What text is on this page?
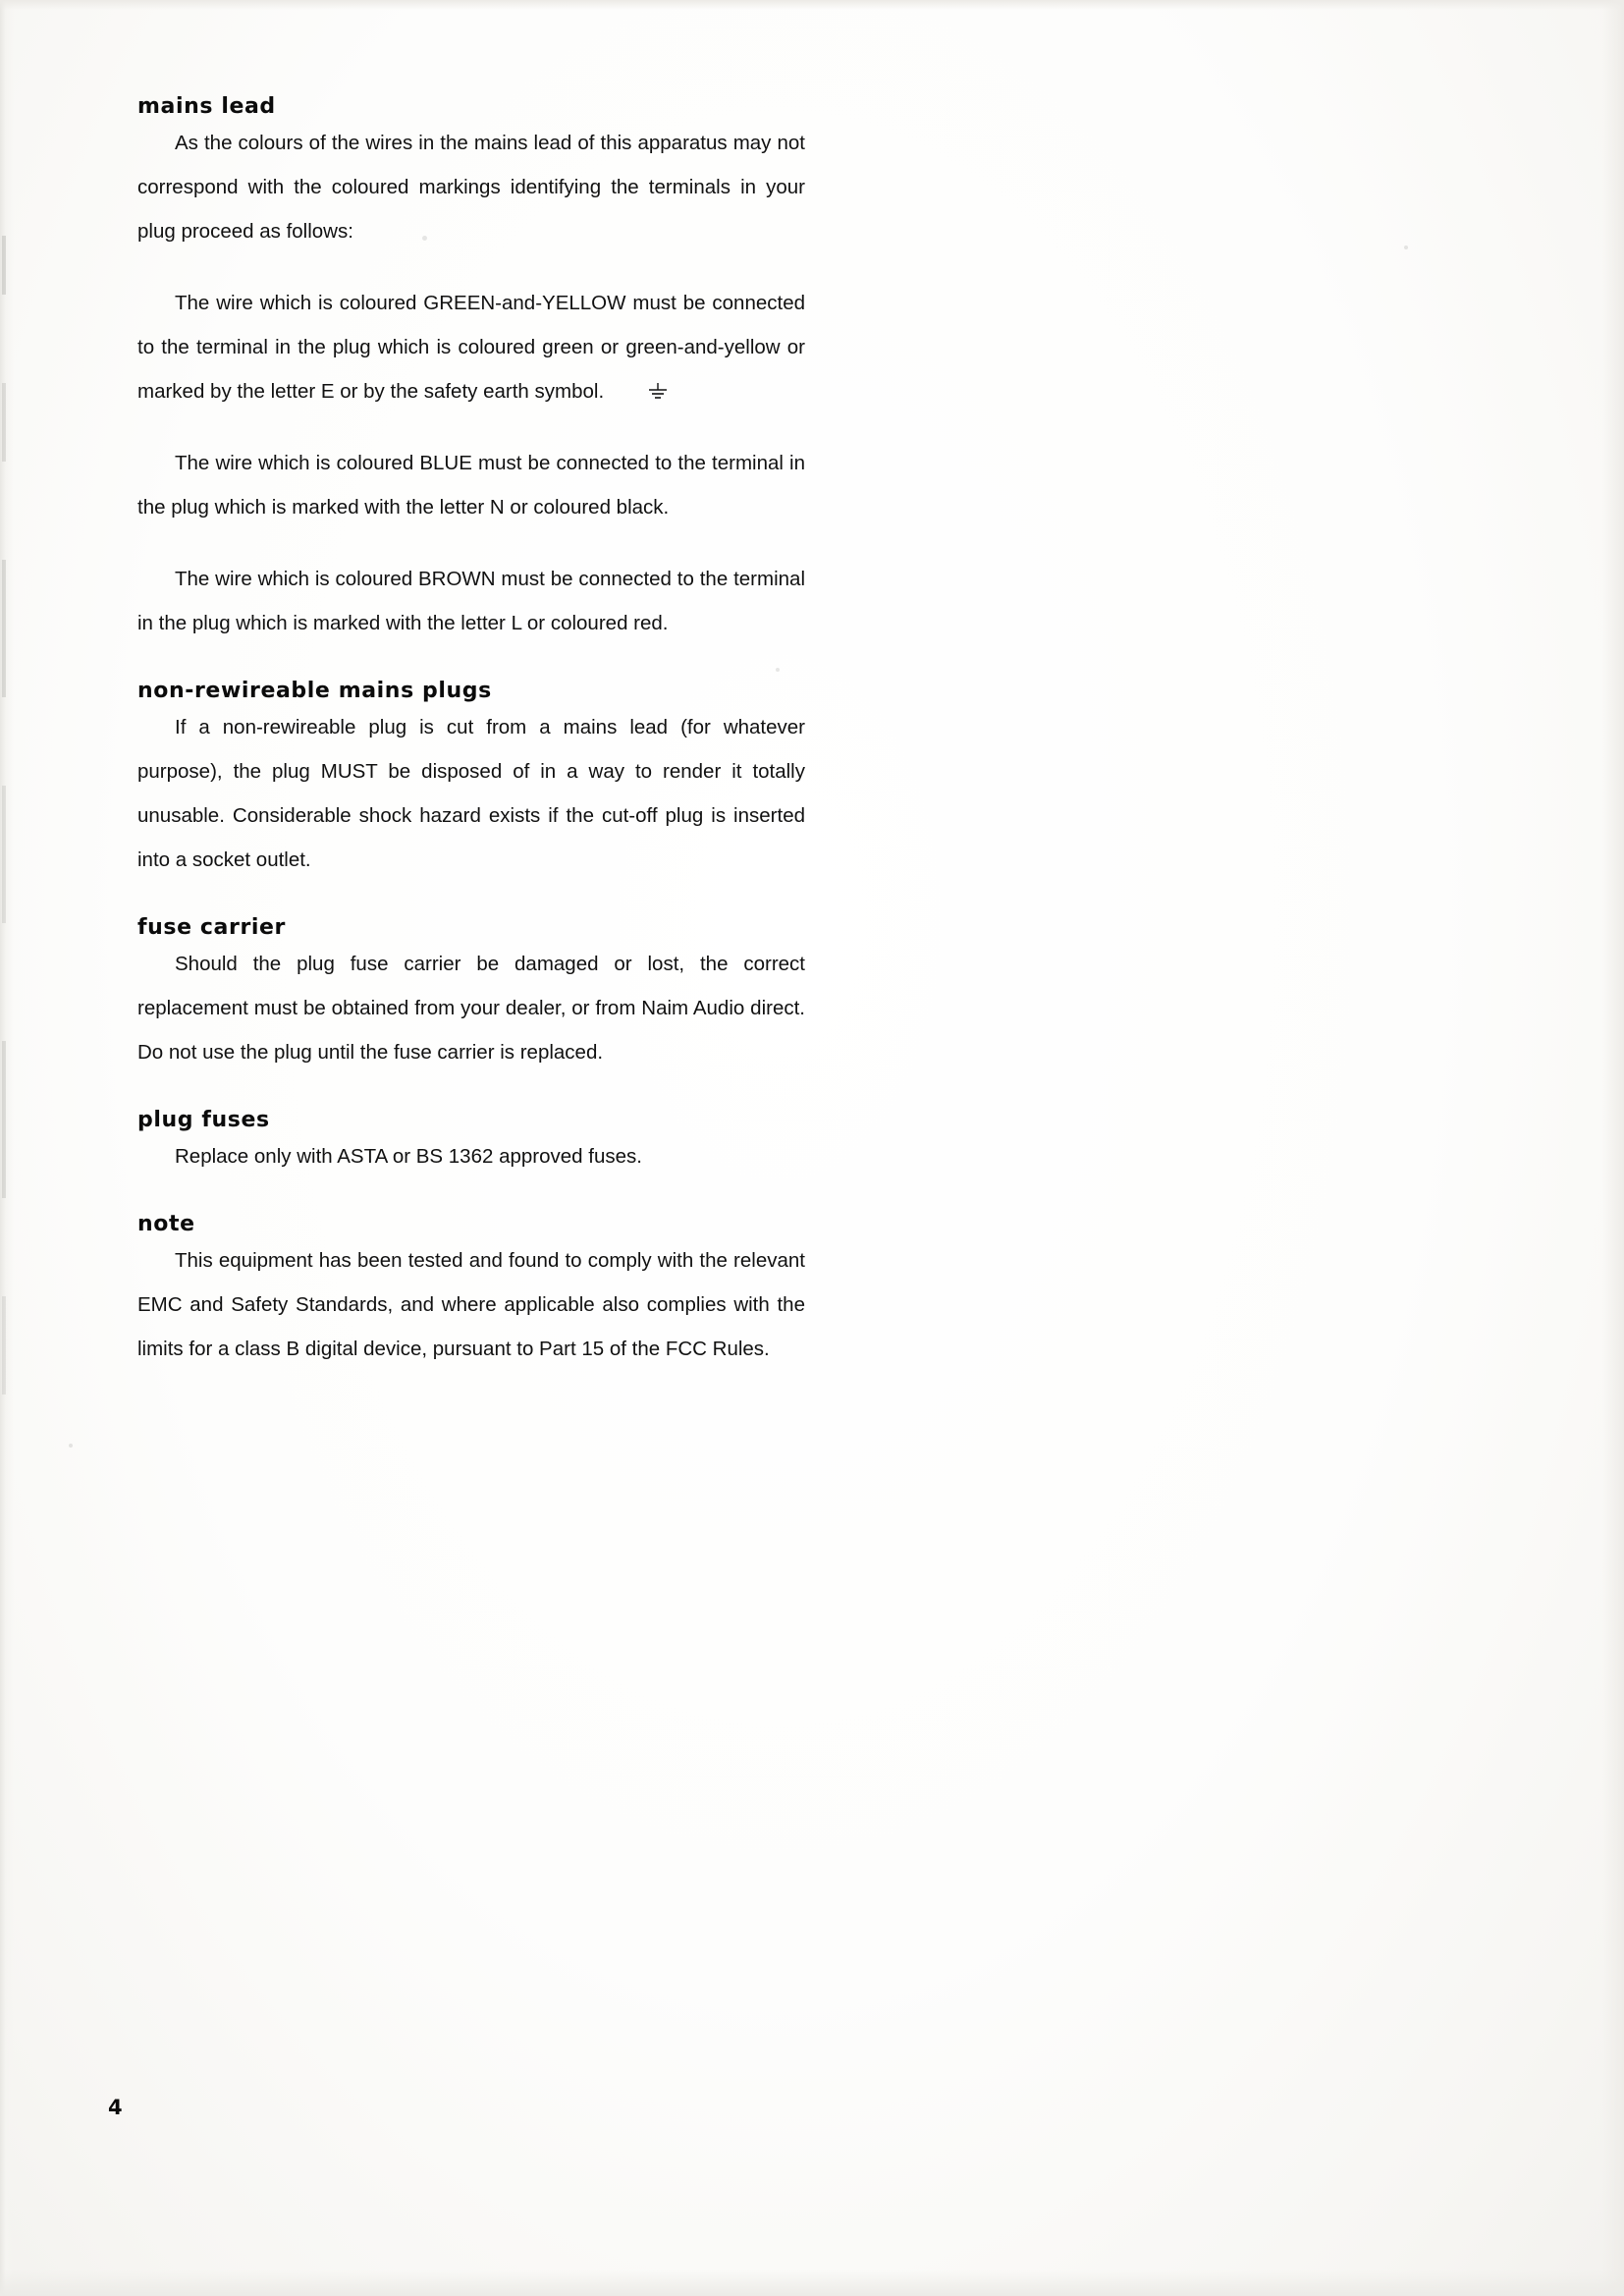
mains lead

As the colours of the wires in the mains lead of this apparatus may not correspond with the coloured markings identifying the terminals in your plug proceed as follows:

The wire which is coloured GREEN-and-YELLOW must be connected to the terminal in the plug which is coloured green or green-and-yellow or marked by the letter E or by the safety earth symbol.

The wire which is coloured BLUE must be connected to the terminal in the plug which is marked with the letter N or coloured black.

The wire which is coloured BROWN must be connected to the terminal in the plug which is marked with the letter L or coloured red.

non-rewireable mains plugs

If a non-rewireable plug is cut from a mains lead (for whatever purpose), the plug MUST be disposed of in a way to render it totally unusable. Considerable shock hazard exists if the cut-off plug is inserted into a socket outlet.

fuse carrier

Should the plug fuse carrier be damaged or lost, the correct replacement must be obtained from your dealer, or from Naim Audio direct. Do not use the plug until the fuse carrier is replaced.

plug fuses

Replace only with ASTA or BS 1362 approved fuses.

note

This equipment has been tested and found to comply with the relevant EMC and Safety Standards, and where applicable also complies with the limits for a class B digital device, pursuant to Part 15 of the FCC Rules.

4
